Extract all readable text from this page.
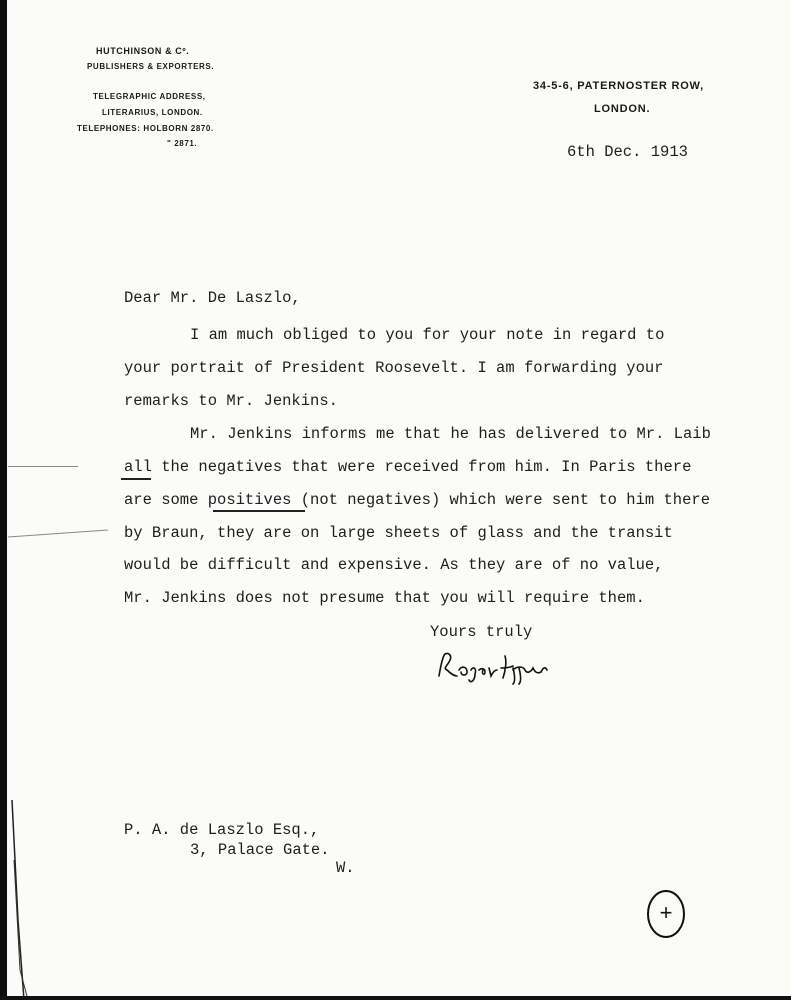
HUTCHINSON & Cº.
PUBLISHERS & EXPORTERS.
TELEGRAPHIC ADDRESS,
LITERARIUS, LONDON.
TELEPHONES: HOLBORN 2870.
" 2871.
34-5-6, PATERNOSTER ROW,
LONDON.
6th Dec. 1913
Dear Mr. De Laszlo,
I am much obliged to you for your note in regard to
your portrait of President Roosevelt. I am forwarding your
remarks to Mr. Jenkins.
Mr. Jenkins informs me that he has delivered to Mr. Laib
all the negatives that were received from him. In Paris there
are some positives (not negatives) which were sent to him there
by Braun, they are on large sheets of glass and the transit
would be difficult and expensive. As they are of no value,
Mr. Jenkins does not presume that you will require them.
Yours truly
P. A. de Laszlo Esq.,
3, Palace Gate.
W.
+
